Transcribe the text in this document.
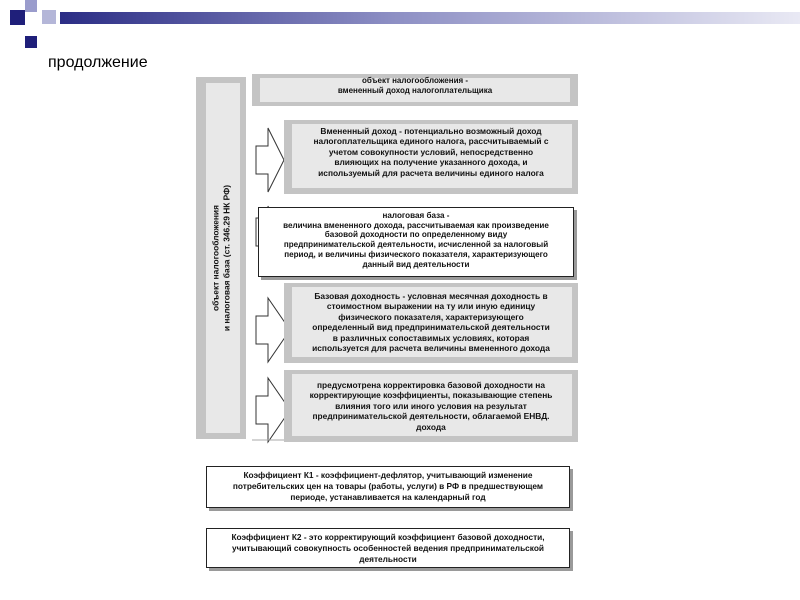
продолжение
объект налогообложения и налоговая база (ст. 346.29 НК РФ)
объект налогообложения -
вмененный доход налогоплательщика
Вмененный доход - потенциально возможный доход
налогоплательщика единого налога, рассчитываемый с
учетом совокупности условий, непосредственно
влияющих на получение указанного дохода, и
используемый для расчета величины единого налога
налоговая база -
величина вмененного дохода, рассчитываемая как произведение
базовой доходности по определенному виду
предпринимательской деятельности, исчисленной за налоговый
период, и величины физического показателя, характеризующего
данный вид деятельности
Базовая доходность - условная месячная доходность в
стоимостном выражении на ту или иную единицу
физического показателя, характеризующего
определенный вид предпринимательской деятельности
в различных сопоставимых условиях, которая
используется для расчета величины вмененного дохода
предусмотрена корректировка базовой доходности на
корректирующие коэффициенты, показывающие степень
влияния того или иного условия на результат
предпринимательской деятельности, облагаемой ЕНВД.
дохода
Коэффициент К1 - коэффициент-дефлятор, учитывающий изменение
потребительских цен на товары (работы, услуги) в РФ в предшествующем
периоде, устанавливается на календарный год
Коэффициент К2 - это корректирующий коэффициент базовой доходности,
учитывающий совокупность особенностей ведения предпринимательской
деятельности
